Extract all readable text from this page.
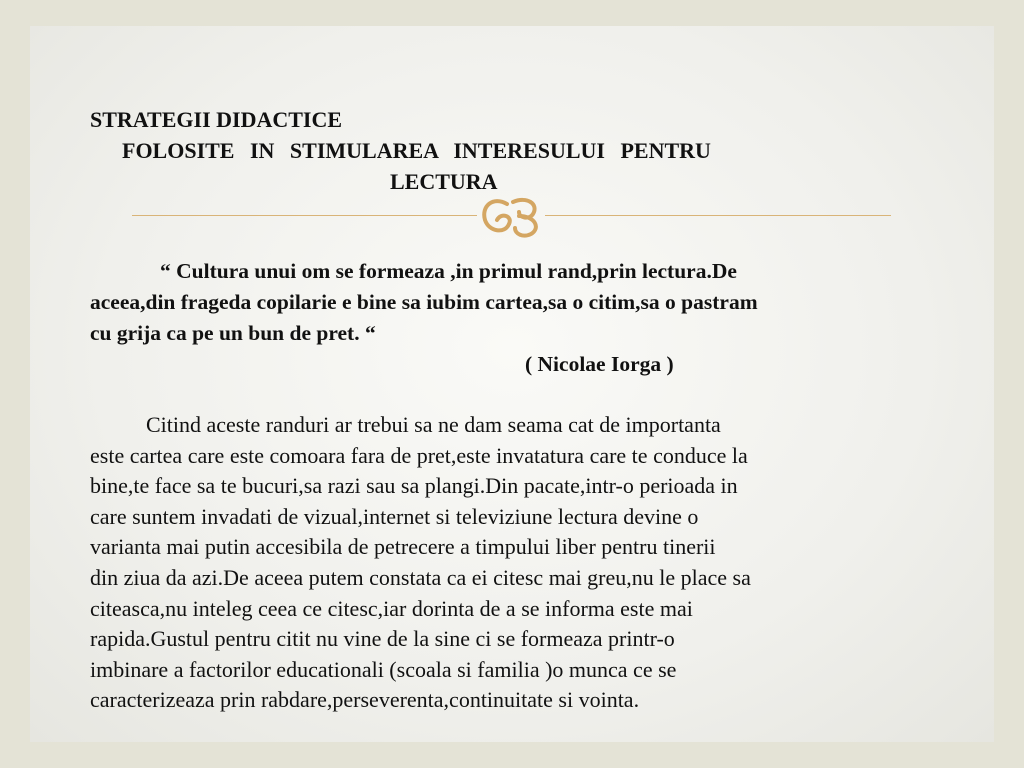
STRATEGII DIDACTICE
FOLOSITE IN STIMULAREA INTERESULUI PENTRU
LECTURA
“ Cultura unui om se formeaza ,in primul rand,prin lectura.De
aceea,din frageda copilarie e bine sa iubim cartea,sa o citim,sa o pastram
cu grija ca pe un bun de pret. “
( Nicolae Iorga )
Citind aceste randuri ar trebui sa ne dam seama cat de importanta
este cartea care este comoara fara de pret,este invatatura care te conduce la
bine,te face sa te bucuri,sa razi sau sa plangi.Din pacate,intr-o perioada in
care suntem invadati de vizual,internet si televiziune lectura devine o
varianta mai putin accesibila de petrecere a timpului liber pentru tinerii
din ziua da azi.De aceea putem constata ca ei citesc mai greu,nu le place sa
citeasca,nu inteleg ceea ce citesc,iar dorinta de a se informa este mai
rapida.Gustul pentru citit nu vine de la sine ci se formeaza printr-o
imbinare a factorilor educationali (scoala si familia )o munca ce se
caracterizeaza prin rabdare,perseverenta,continuitate si vointa.
